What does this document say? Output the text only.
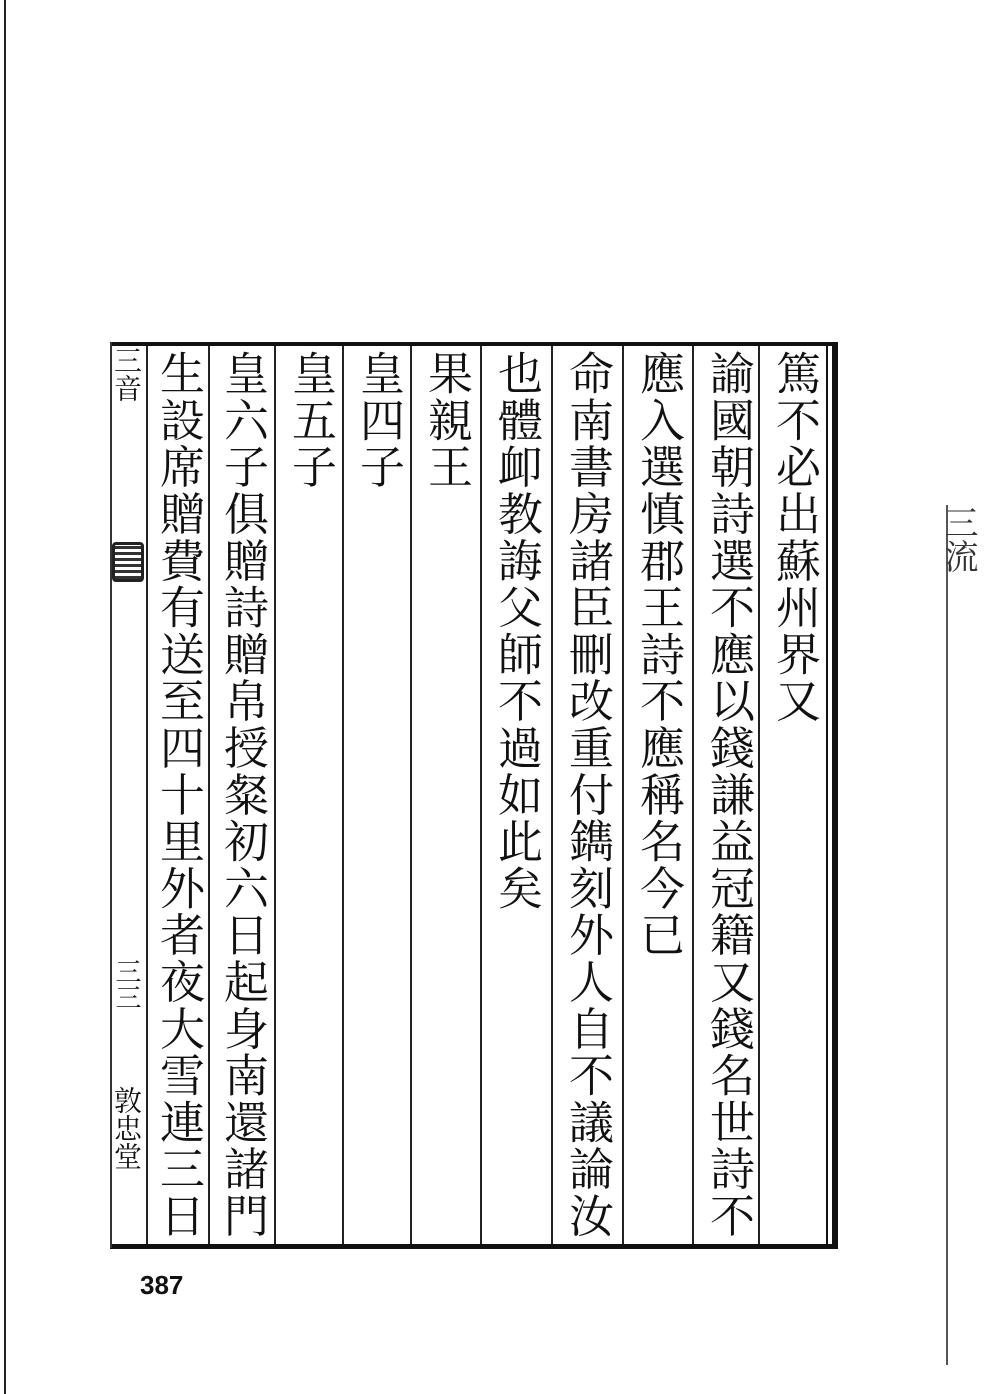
三流
篤不必出蘇州界又
諭國朝詩選不應以錢謙益冠籍又錢名世詩不
應入選慎郡王詩不應稱名今已
命南書房諸臣刪改重付鐫刻外人自不議論汝
也體卹教誨父師不過如此矣
果親王
皇四子
皇五子
皇六子俱贈詩贈帛授粲初六日起身南還諸門
生設席贈費有送至四十里外者夜大雪連三日
三音
三三
敦忠堂
387
